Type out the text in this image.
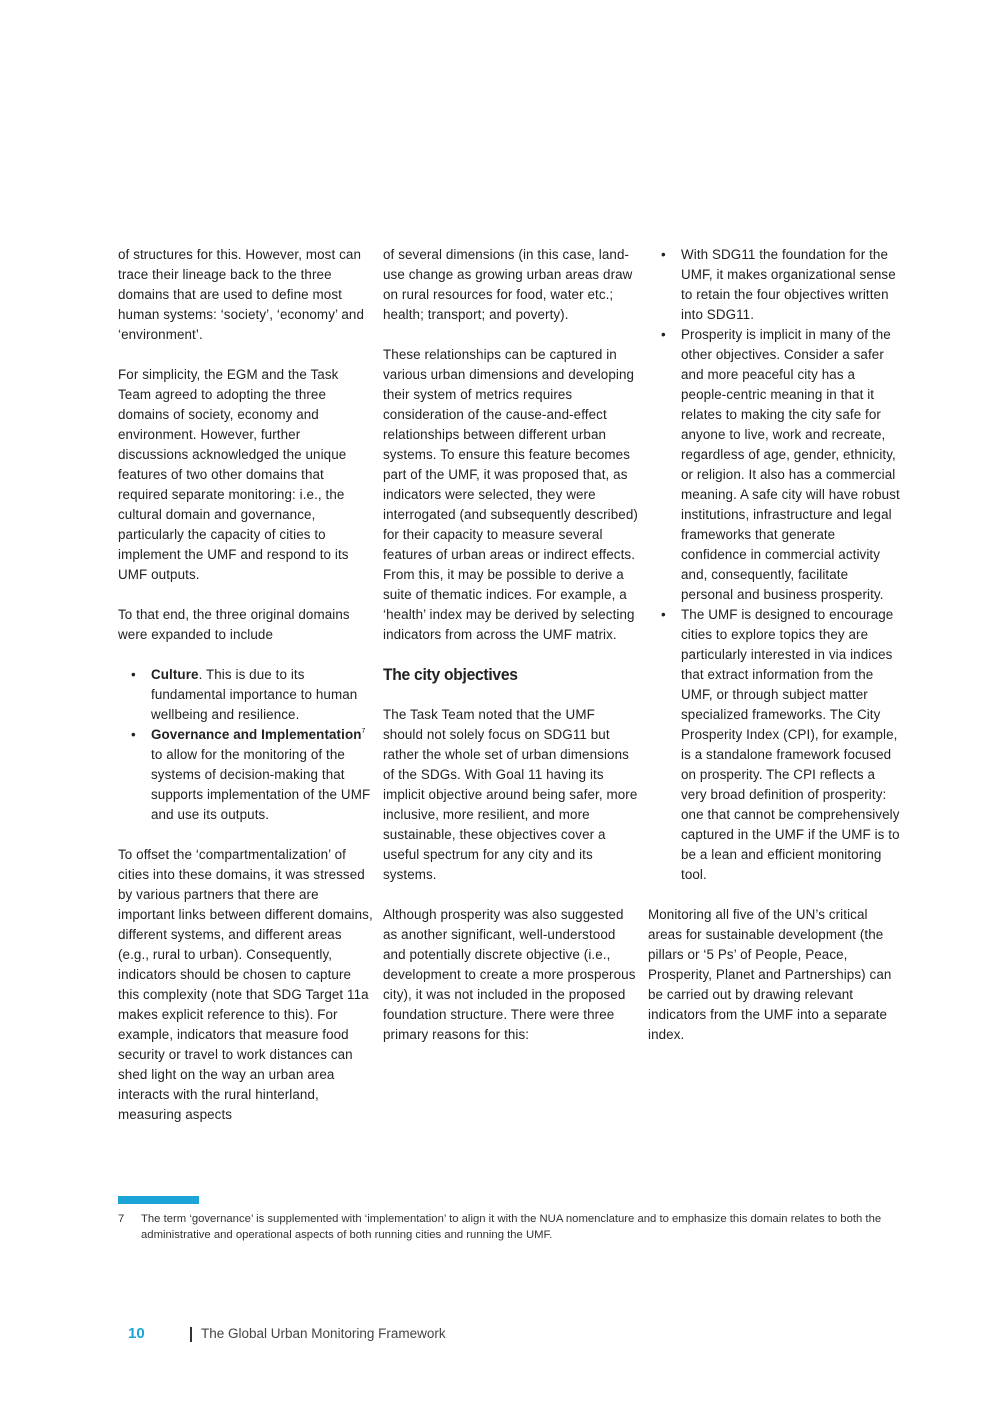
of structures for this. However, most can trace their lineage back to the three domains that are used to define most human systems: ‘society’, ‘economy’ and ‘environment’.

For simplicity, the EGM and the Task Team agreed to adopting the three domains of society, economy and environment. However, further discussions acknowledged the unique features of two other domains that required separate monitoring: i.e., the cultural domain and governance, particularly the capacity of cities to implement the UMF and respond to its UMF outputs.

To that end, the three original domains were expanded to include

• Culture. This is due to its fundamental importance to human wellbeing and resilience.
• Governance and Implementation$^7$ to allow for the monitoring of the systems of decision-making that supports implementation of the UMF and use its outputs.

To offset the ‘compartmentalization’ of cities into these domains, it was stressed by various partners that there are important links between different domains, different systems, and different areas (e.g., rural to urban). Consequently, indicators should be chosen to capture this complexity (note that SDG Target 11a makes explicit reference to this). For example, indicators that measure food security or travel to work distances can shed light on the way an urban area interacts with the rural hinterland, measuring aspects

of several dimensions (in this case, land-use change as growing urban areas draw on rural resources for food, water etc.; health; transport; and poverty).

These relationships can be captured in various urban dimensions and developing their system of metrics requires consideration of the cause-and-effect relationships between different urban systems. To ensure this feature becomes part of the UMF, it was proposed that, as indicators were selected, they were interrogated (and subsequently described) for their capacity to measure several features of urban areas or indirect effects. From this, it may be possible to derive a suite of thematic indices. For example, a ‘health’ index may be derived by selecting indicators from across the UMF matrix.

The city objectives

The Task Team noted that the UMF should not solely focus on SDG11 but rather the whole set of urban dimensions of the SDGs. With Goal 11 having its implicit objective around being safer, more inclusive, more resilient, and more sustainable, these objectives cover a useful spectrum for any city and its systems.

Although prosperity was also suggested as another significant, well-understood and potentially discrete objective (i.e., development to create a more prosperous city), it was not included in the proposed foundation structure. There were three primary reasons for this:

• With SDG11 the foundation for the UMF, it makes organizational sense to retain the four objectives written into SDG11.
• Prosperity is implicit in many of the other objectives. Consider a safer and more peaceful city has a people-centric meaning in that it relates to making the city safe for anyone to live, work and recreate, regardless of age, gender, ethnicity, or religion. It also has a commercial meaning. A safe city will have robust institutions, infrastructure and legal frameworks that generate confidence in commercial activity and, consequently, facilitate personal and business prosperity.
• The UMF is designed to encourage cities to explore topics they are particularly interested in via indices that extract information from the UMF, or through subject matter specialized frameworks. The City Prosperity Index (CPI), for example, is a standalone framework focused on prosperity. The CPI reflects a very broad definition of prosperity: one that cannot be comprehensively captured in the UMF if the UMF is to be a lean and efficient monitoring tool.

Monitoring all five of the UN’s critical areas for sustainable development (the pillars or ‘5 Ps’ of People, Peace, Prosperity, Planet and Partnerships) can be carried out by drawing relevant indicators from the UMF into a separate index.

7 The term ‘governance’ is supplemented with ‘implementation’ to align it with the NUA nomenclature and to emphasize this domain relates to both the administrative and operational aspects of both running cities and running the UMF.
10	The Global Urban Monitoring Framework
